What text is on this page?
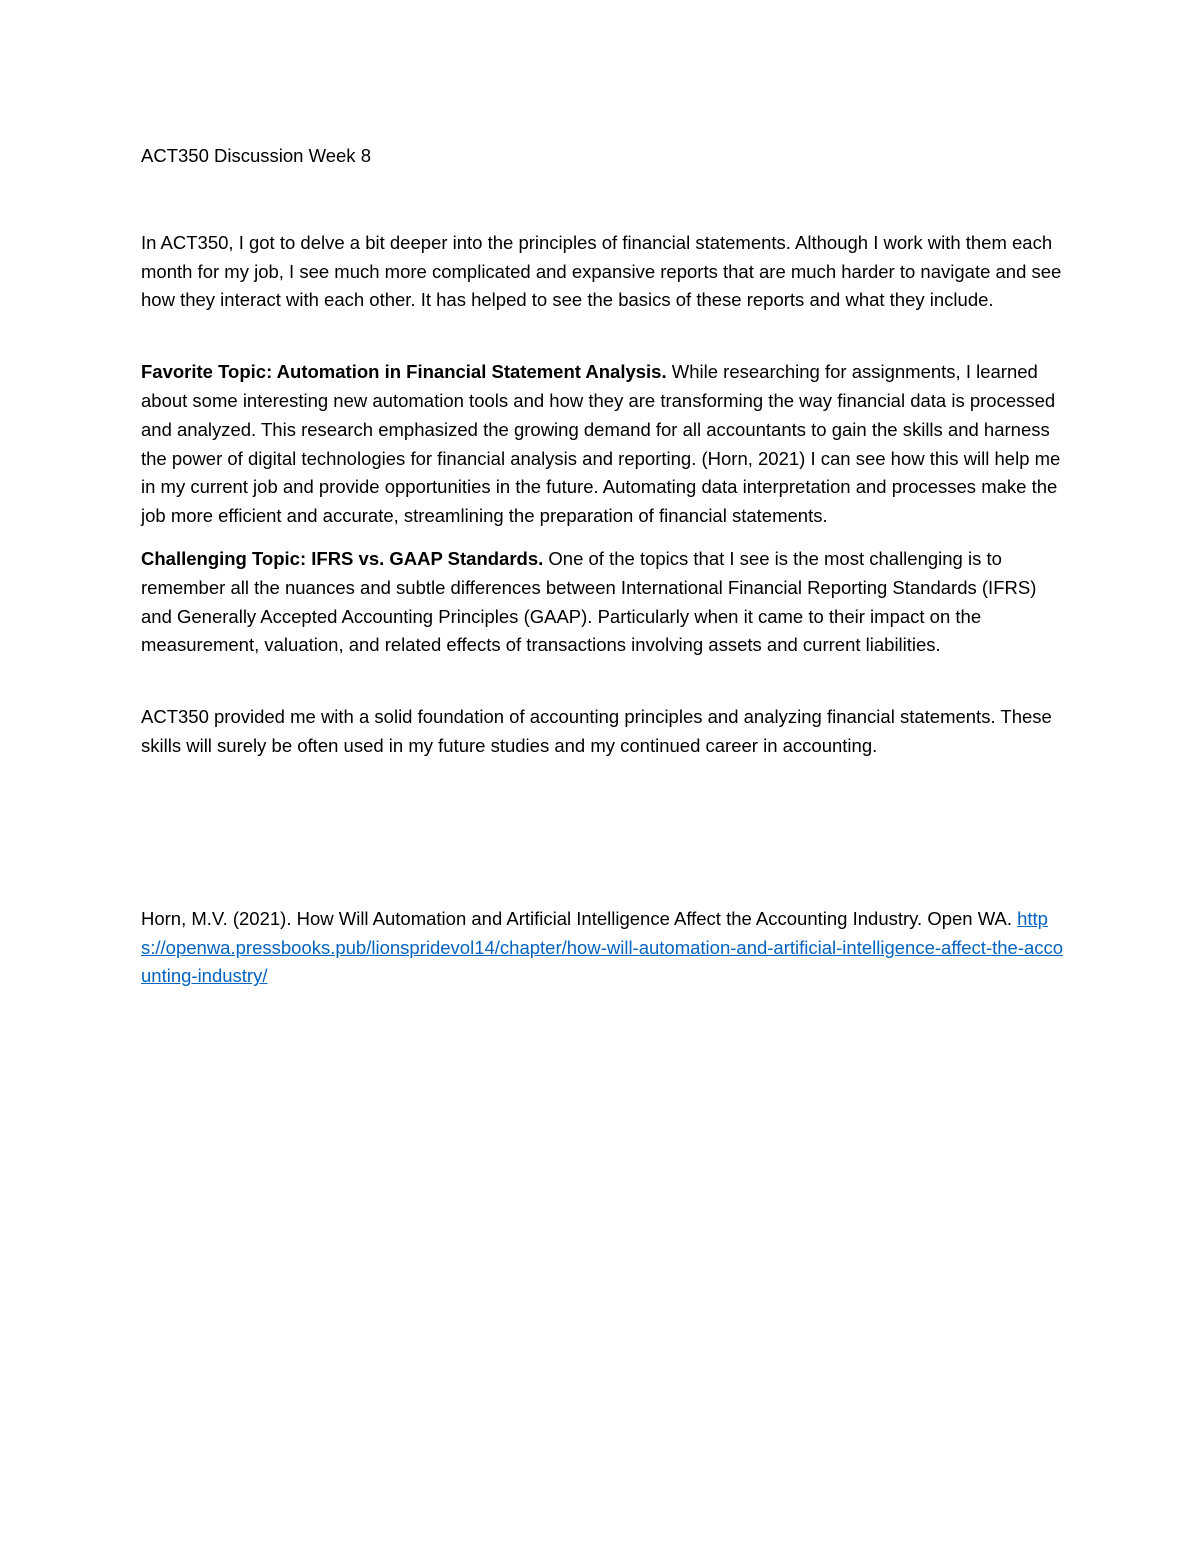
ACT350 Discussion Week 8

In ACT350, I got to delve a bit deeper into the principles of financial statements. Although I work with them each month for my job, I see much more complicated and expansive reports that are much harder to navigate and see how they interact with each other. It has helped to see the basics of these reports and what they include.

Favorite Topic: Automation in Financial Statement Analysis. While researching for assignments, I learned about some interesting new automation tools and how they are transforming the way financial data is processed and analyzed. This research emphasized the growing demand for all accountants to gain the skills and harness the power of digital technologies for financial analysis and reporting. (Horn, 2021) I can see how this will help me in my current job and provide opportunities in the future. Automating data interpretation and processes make the job more efficient and accurate, streamlining the preparation of financial statements.

Challenging Topic: IFRS vs. GAAP Standards. One of the topics that I see is the most challenging is to remember all the nuances and subtle differences between International Financial Reporting Standards (IFRS) and Generally Accepted Accounting Principles (GAAP). Particularly when it came to their impact on the measurement, valuation, and related effects of transactions involving assets and current liabilities.

ACT350 provided me with a solid foundation of accounting principles and analyzing financial statements. These skills will surely be often used in my future studies and my continued career in accounting.

Horn, M.V. (2021). How Will Automation and Artificial Intelligence Affect the Accounting Industry. Open WA. https://openwa.pressbooks.pub/lionspridevol14/chapter/how-will-automation-and-artificial-intelligence-affect-the-accounting-industry/
